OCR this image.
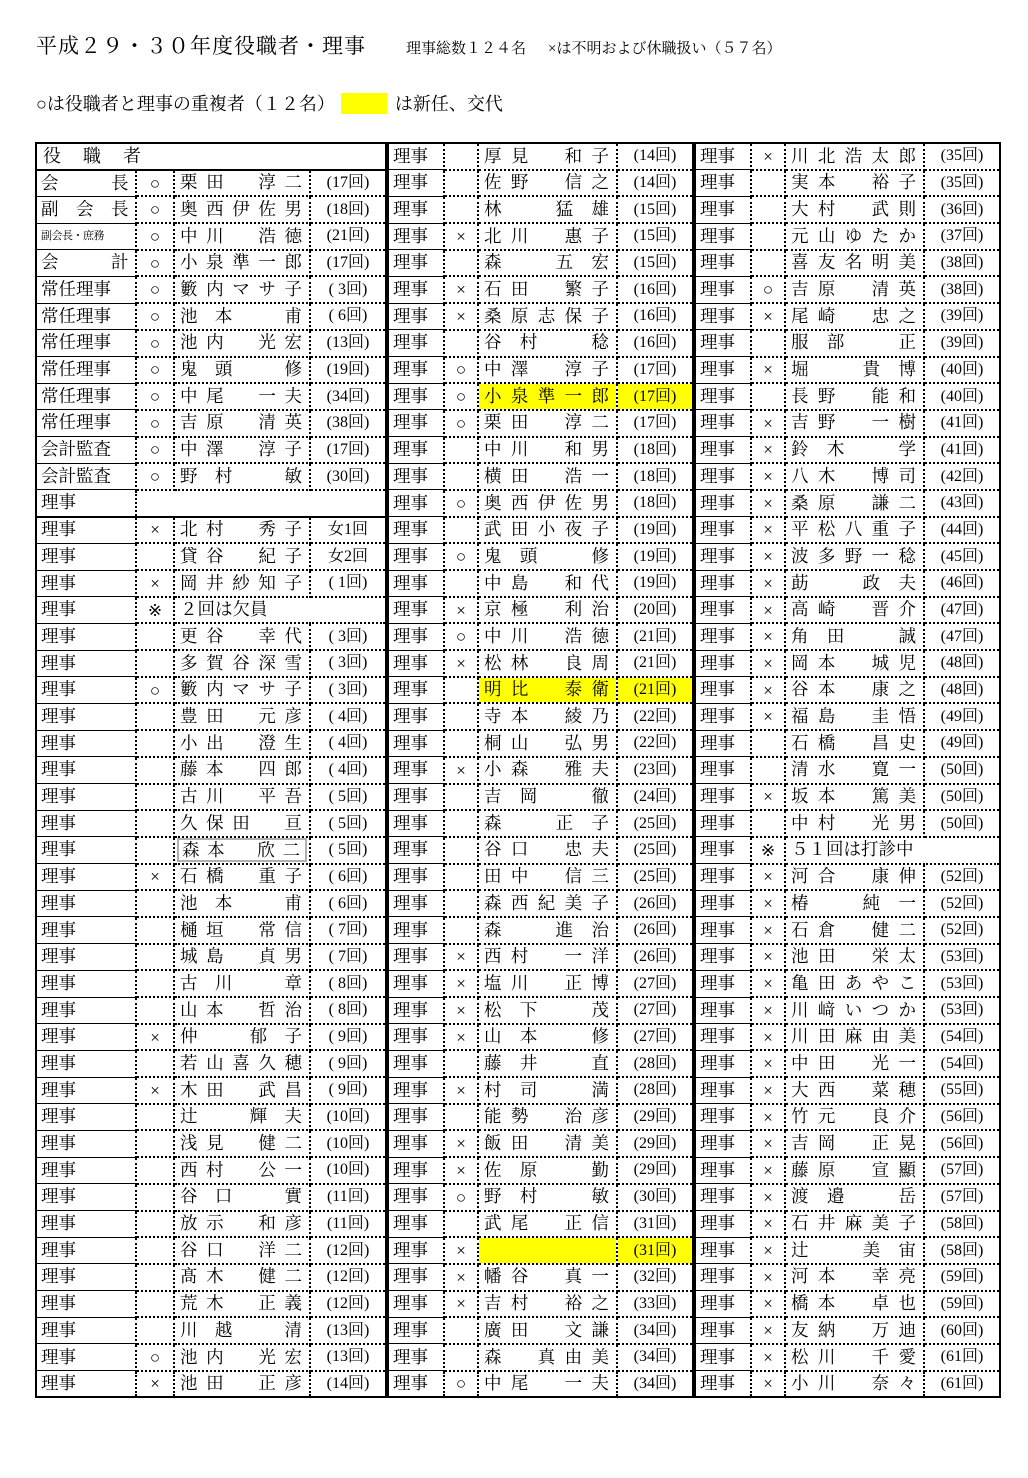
平成２９・３０年度役職者・理事	理事総数１２４名 ×は不明および休職扱い（５７名）
○は役職者と理事の重複者（１２名）	は新任、交代
役　職　者			
会　　　長	○	栗田　淳二	(17回)
副　会　長	○	奥西伊佐男	(18回)
副会長・庶務	○	中川　浩徳	(21回)
会　　　計	○	小泉準一郎	(17回)
常任理事	○	籔内マサ子	( 3回)
常任理事	○	池本　甫	( 6回)
常任理事	○	池内　光宏	(13回)
常任理事	○	鬼頭　修	(19回)
常任理事	○	中尾　一夫	(34回)
常任理事	○	吉原　清英	(38回)
会計監査	○	中澤　淳子	(17回)
会計監査	○	野村　敏	(30回)
理事			
理事	×	北村　秀子	女1回
理事		貸谷　紀子	女2回
理事	×	岡井紗知子	( 1回)
理事	※	２回は欠員	

理事		更谷　幸代	( 3回)
理事		多賀谷深雪	( 3回)
理事	○	籔内マサ子	( 3回)
理事		豊田　元彦	( 4回)
理事		小出　澄生	( 4回)
理事		藤本　四郎	( 4回)
理事		古川　平吾	( 5回)
理事		久保田　亘	( 5回)
理事		森本　欣二	( 5回)
理事	×	石橋　重子	( 6回)
理事		池本　甫	( 6回)
理事		樋垣　常信	( 7回)
理事		城島　貞男	( 7回)
理事		古川　章	( 8回)
理事		山本　哲治	( 8回)
理事	×	仲　郁子	( 9回)
理事		若山喜久穂	( 9回)
理事	×	木田　武昌	( 9回)
理事		辻　輝夫	(10回)
理事		浅見　健二	(10回)
理事		西村　公一	(10回)
理事		谷口　實	(11回)
理事		放示　和彦	(11回)
理事		谷口　洋二	(12回)
理事		髙木　健二	(12回)
理事		荒木　正義	(12回)
理事		川越　清	(13回)
理事	○	池内　光宏	(13回)
理事	×	池田　正彦	(14回)
理事		厚見　和子	(14回)
理事		佐野　信之	(14回)
理事		林　猛雄	(15回)
理事	×	北川　惠子	(15回)
理事		森　五宏	(15回)
理事	×	石田　繁子	(16回)
理事	×	桑原志保子	(16回)
理事		谷村　稔	(16回)
理事	○	中澤　淳子	(17回)
理事	○	小泉準一郎	(17回)
理事	○	栗田　淳二	(17回)
理事		中川　和男	(18回)
理事		横田　浩一	(18回)
理事	○	奥西伊佐男	(18回)
理事		武田小夜子	(19回)
理事	○	鬼頭　修	(19回)
理事		中島　和代	(19回)
理事	×	京極　利治	(20回)
理事	○	中川　浩徳	(21回)
理事	×	松林　良周	(21回)
理事		明比　泰衛	(21回)
理事		寺本　綾乃	(22回)
理事		桐山　弘男	(22回)
理事	×	小森　雅夫	(23回)
理事		吉岡　徹	(24回)
理事		森　正子	(25回)
理事		谷口　忠夫	(25回)
理事		田中　信三	(25回)
理事		森西紀美子	(26回)
理事		森　進治	(26回)
理事	×	西村　一洋	(26回)
理事	×	塩川　正博	(27回)
理事	×	松下　茂	(27回)
理事	×	山本　修	(27回)
理事		藤井　直	(28回)
理事	×	村司　満	(28回)
理事		能勢　治彦	(29回)
理事	×	飯田　清美	(29回)
理事	×	佐原　勤	(29回)
理事	○	野村　敏	(30回)
理事		武尾　正信	(31回)
理事	×		(31回)
理事	×	幡谷　真一	(32回)
理事	×	吉村　裕之	(33回)
理事		廣田　文謙	(34回)
理事		森　真由美	(34回)
理事	○	中尾　一夫	(34回)
理事	×	川北浩太郎	(35回)
理事		実本　裕子	(35回)
理事		大村　武則	(36回)
理事		元山ゆたか	(37回)
理事		喜友名明美	(38回)
理事	○	吉原　清英	(38回)
理事	×	尾崎　忠之	(39回)
理事		服部　正	(39回)
理事	×	堀　貴博	(40回)
理事		長野　能和	(40回)
理事	×	吉野　一樹	(41回)
理事	×	鈴木　学	(41回)
理事	×	八木　博司	(42回)
理事	×	桑原　謙二	(43回)
理事	×	平松八重子	(44回)
理事	×	波多野一稔	(45回)
理事	×	莇　政夫	(46回)
理事	×	高崎　晋介	(47回)
理事	×	角田　誠	(47回)
理事	×	岡本　城児	(48回)
理事	×	谷本　康之	(48回)
理事	×	福島　圭悟	(49回)
理事		石橋　昌史	(49回)
理事		清水　寛一	(50回)
理事	×	坂本　篤美	(50回)
理事		中村　光男	(50回)
理事	※	５１回は打診中	

理事	×	河合　康伸	(52回)
理事	×	椿　純一	(52回)
理事	×	石倉　健二	(52回)
理事	×	池田　栄太	(53回)
理事	×	亀田あやこ	(53回)
理事	×	川﨑いつか	(53回)
理事	×	川田麻由美	(54回)
理事	×	中田　光一	(54回)
理事	×	大西　菜穂	(55回)
理事	×	竹元　良介	(56回)
理事	×	吉岡　正晃	(56回)
理事	×	藤原　宣顯	(57回)
理事	×	渡邉　岳	(57回)
理事	×	石井麻美子	(58回)
理事	×	辻　美宙	(58回)
理事	×	河本　幸亮	(59回)
理事	×	橋本　卓也	(59回)
理事	×	友納　万迪	(60回)
理事	×	松川　千愛	(61回)
理事	×	小川　奈々	(61回)
